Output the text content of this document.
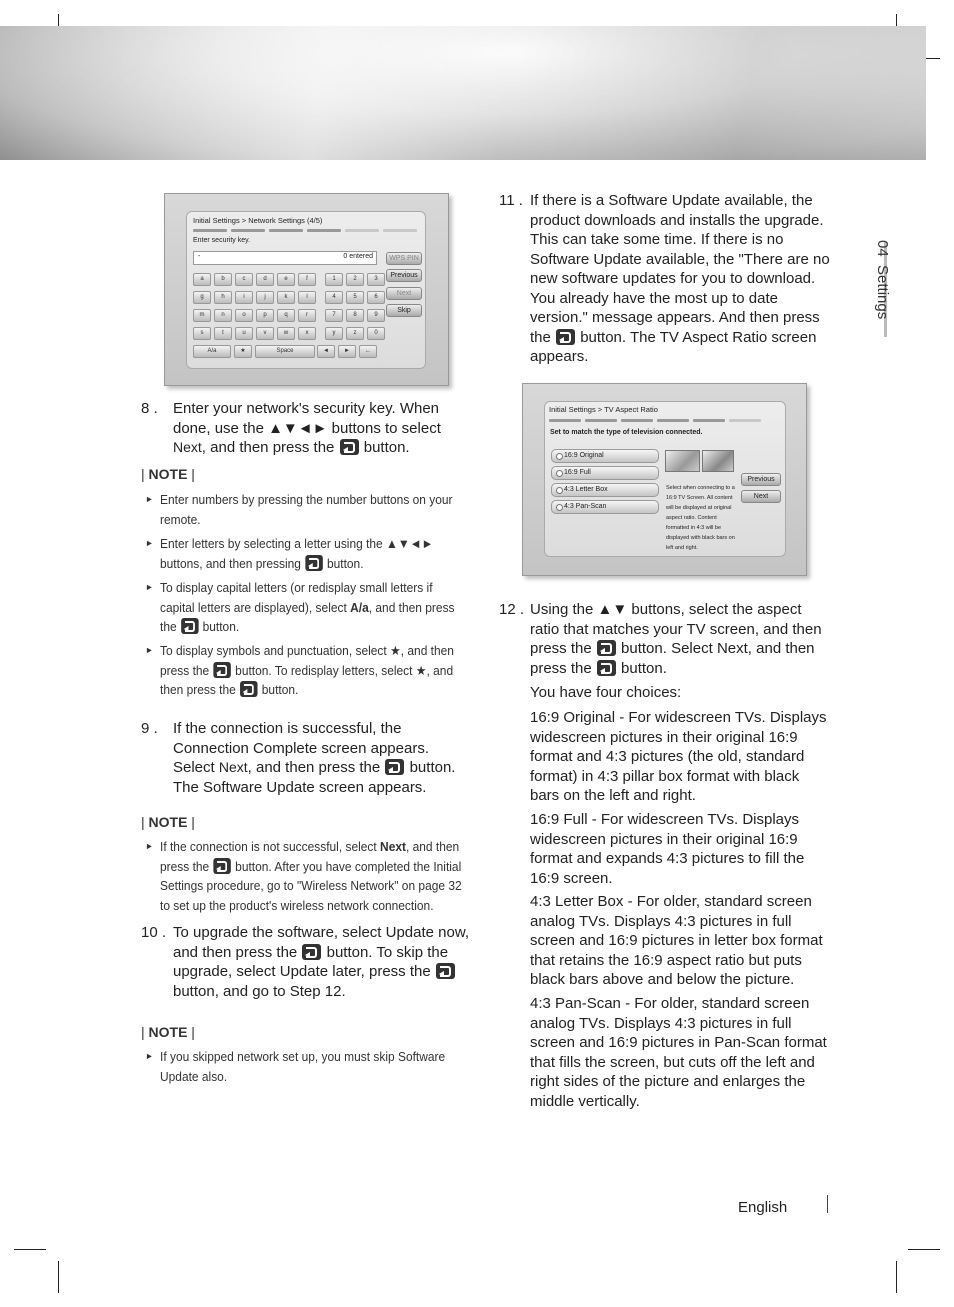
04  Settings
Initial Settings > Network Settings (4/5)
Enter security key.
-	0 entered	WPS PIN
Previous
Next
Skip
a	b	c	d	e	f	1	2	3
g	h	i	j	k	l	4	5	6
m	n	o	p	q	r	7	8	9
s	t	u	v	w	x	y	z	0
A/a	★	Space	◄	►	←
Initial Settings > TV Aspect Ratio
Set to match the type of television connected.
16:9 Original
16:9 Full
4:3 Letter Box
4:3 Pan-Scan
Select when connecting to a 16:9 TV Screen. All content will be displayed at original aspect ratio. Content formatted in 4:3 will be displayed with black bars on left and right.
Previous
Next
8 . Enter your network's security key. When done, use the ▲▼◄► buttons to select Next, and then press the  button.
| NOTE |
► Enter numbers by pressing the number buttons on your remote.
► Enter letters by selecting a letter using the ▲▼◄► buttons, and then pressing  button.
► To display capital letters (or redisplay small letters if capital letters are displayed), select A/a, and then press the  button.
► To display symbols and punctuation, select ★, and then press the  button. To redisplay letters, select ★, and then press the  button.
9 . If the connection is successful, the Connection Complete screen appears. Select Next, and then press the  button. The Software Update screen appears.
| NOTE |
► If the connection is not successful, select Next, and then press the  button. After you have completed the Initial Settings procedure, go to "Wireless Network" on page 32 to set up the product's wireless network connection.
10 . To upgrade the software, select Update now, and then press the  button. To skip the upgrade, select Update later, press the  button, and go to Step 12.
| NOTE |
► If you skipped network set up, you must skip Software Update also.
11 . If there is a Software Update available, the product downloads and installs the upgrade. This can take some time. If there is no Software Update available, the "There are no new software updates for you to download. You already have the most up to date version." message appears. And then press the  button. The TV Aspect Ratio screen appears.
12 . Using the ▲▼ buttons, select the aspect ratio that matches your TV screen, and then press the  button. Select Next, and then press the  button.
You have four choices:
16:9 Original - For widescreen TVs. Displays widescreen pictures in their original 16:9 format and 4:3 pictures (the old, standard format) in 4:3 pillar box format with black bars on the left and right.
16:9 Full - For widescreen TVs. Displays widescreen pictures in their original 16:9 format and expands 4:3 pictures to fill the 16:9 screen.
4:3 Letter Box - For older, standard screen analog TVs. Displays 4:3 pictures in full screen and 16:9 pictures in letter box format that retains the 16:9 aspect ratio but puts black bars above and below the picture.
4:3 Pan-Scan - For older, standard screen analog TVs. Displays 4:3 pictures in full screen and 16:9 pictures in Pan-Scan format that fills the screen, but cuts off the left and right sides of the picture and enlarges the middle vertically.
English
